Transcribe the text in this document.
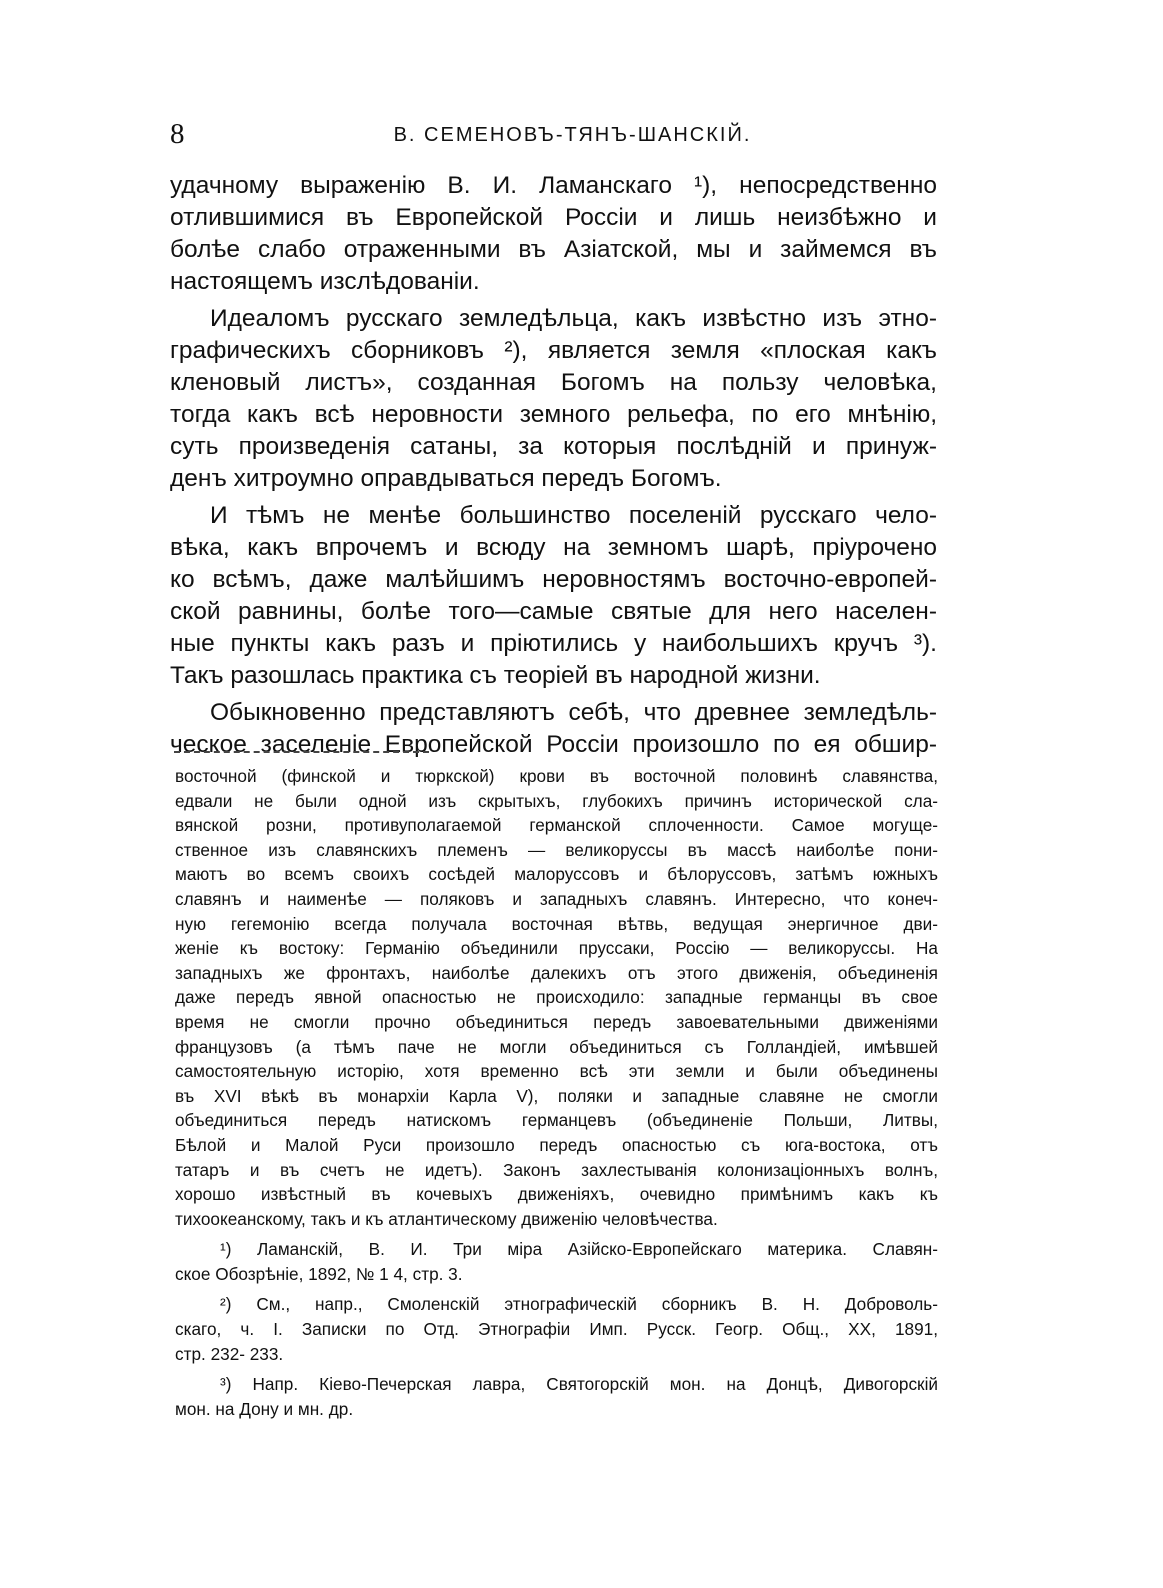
8	В. СЕМЕНОВЪ-ТЯНЪ-ШАНСКІЙ.

удачному выраженію В. И. Ламанскаго ¹), непосредственно
отлившимися въ Европейской Россіи и лишь неизбѣжно и
болѣе слабо отраженными въ Азіатской, мы и займемся въ
настоящемъ изслѣдованіи.

Идеаломъ русскаго земледѣльца, какъ извѣстно изъ этно-
графическихъ сборниковъ ²), является земля «плоская какъ
кленовый листъ», созданная Богомъ на пользу человѣка,
тогда какъ всѣ неровности земного рельефа, по его мнѣнію,
суть произведенія сатаны, за которыя послѣдній и принуж-
денъ хитроумно оправдываться передъ Богомъ.

И тѣмъ не менѣе большинство поселеній русскаго чело-
вѣка, какъ впрочемъ и всюду на земномъ шарѣ, пріурочено
ко всѣмъ, даже малѣйшимъ неровностямъ восточно-европей-
ской равнины, болѣе того—самые святые для него населен-
ные пункты какъ разъ и пріютились у наибольшихъ кручъ ³).
Такъ разошлась практика съ теоріей въ народной жизни.

Обыкновенно представляютъ себѣ, что древнее земледѣль-
ческое заселеніе Европейской Россіи произошло по ея обшир-

восточной (финской и тюркской) крови въ восточной половинѣ славянства,
едвали не были одной изъ скрытыхъ, глубокихъ причинъ исторической сла-
вянской розни, противуполагаемой германской сплоченности. Самое могуще-
ственное изъ славянскихъ племенъ — великоруссы въ массѣ наиболѣе пони-
маютъ во всемъ своихъ сосѣдей малоруссовъ и бѣлоруссовъ, затѣмъ южныхъ
славянъ и наименѣе — поляковъ и западныхъ славянъ. Интересно, что конеч-
ную гегемонію всегда получала восточная вѣтвь, ведущая энергичное дви-
женіе къ востоку: Германію объединили пруссаки, Россію — великоруссы. На
западныхъ же фронтахъ, наиболѣе далекихъ отъ этого движенія, объединенія
даже передъ явной опасностью не происходило: западные германцы въ свое
время не смогли прочно объединиться передъ завоевательными движеніями
французовъ (а тѣмъ паче не могли объединиться съ Голландіей, имѣвшей
самостоятельную исторію, хотя временно всѣ эти земли и были объединены
въ XVI вѣкѣ въ монархіи Карла V), поляки и западные славяне не смогли
объединиться передъ натискомъ германцевъ (объединеніе Польши, Литвы,
Бѣлой и Малой Руси произошло передъ опасностью съ юга-востока, отъ
татаръ и въ счетъ не идетъ). Законъ захлестыванія колонизаціонныхъ волнъ,
хорошо извѣстный въ кочевыхъ движеніяхъ, очевидно примѣнимъ какъ къ
тихоокеанскому, такъ и къ атлантическому движенію человѣчества.
¹) Ламанскій, В. И. Три міра Азійско-Европейскаго материка. Славян-
ское Обозрѣніе, 1892, № 1 4, стр. 3.
²) См., напр., Смоленскій этнографическій сборникъ В. Н. Доброволь-
скаго, ч. I. Записки по Отд. Этнографіи Имп. Русск. Геогр. Общ., XX, 1891,
стр. 232- 233.
³) Напр. Кіево-Печерская лавра, Святогорскій мон. на Донцѣ, Дивогорскій
мон. на Дону и мн. др.
